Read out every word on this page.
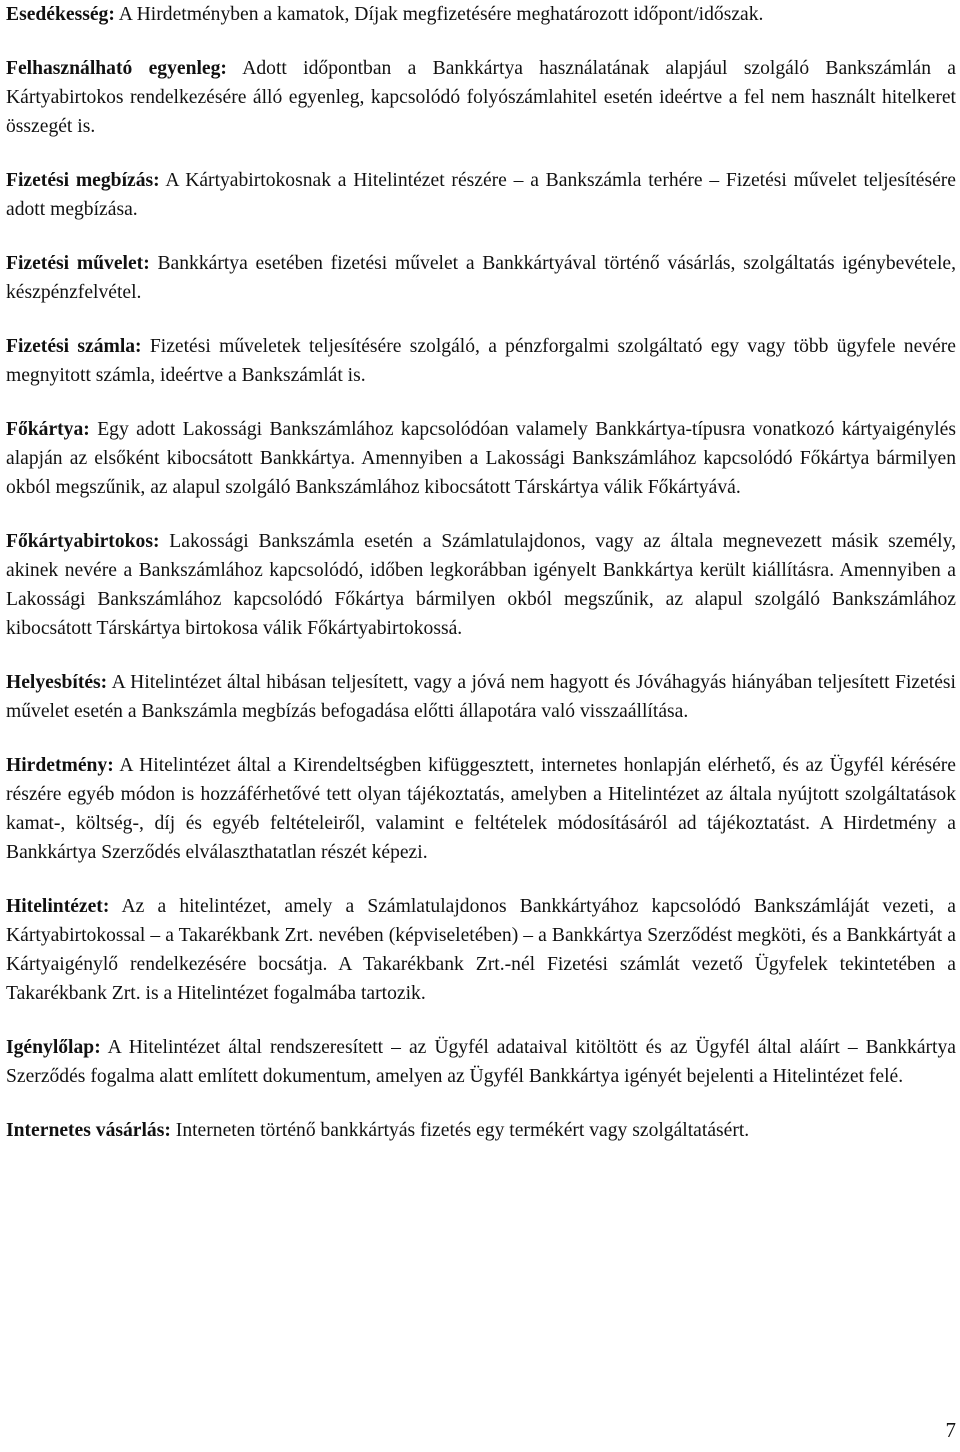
Esedékesség: A Hirdetményben a kamatok, Díjak megfizetésére meghatározott időpont/időszak.

Felhasználható egyenleg: Adott időpontban a Bankkártya használatának alapjául szolgáló Bankszámlán a Kártyabirtokos rendelkezésére álló egyenleg, kapcsolódó folyószámlahitel esetén ideértve a fel nem használt hitelkeret összegét is.

Fizetési megbízás: A Kártyabirtokosnak a Hitelintézet részére – a Bankszámla terhére – Fizetési művelet teljesítésére adott megbízása.

Fizetési művelet: Bankkártya esetében fizetési művelet a Bankkártyával történő vásárlás, szolgáltatás igénybevétele, készpénzfelvétel.

Fizetési számla: Fizetési műveletek teljesítésére szolgáló, a pénzforgalmi szolgáltató egy vagy több ügyfele nevére megnyitott számla, ideértve a Bankszámlát is.

Főkártya: Egy adott Lakossági Bankszámlához kapcsolódóan valamely Bankkártya-típusra vonatkozó kártyaigénylés alapján az elsőként kibocsátott Bankkártya. Amennyiben a Lakossági Bankszámlához kapcsolódó Főkártya bármilyen okból megszűnik, az alapul szolgáló Bankszámlához kibocsátott Társkártya válik Főkártyává.

Főkártyabirtokos: Lakossági Bankszámla esetén a Számlatulajdonos, vagy az általa megnevezett másik személy, akinek nevére a Bankszámlához kapcsolódó, időben legkorábban igényelt Bankkártya került kiállításra. Amennyiben a Lakossági Bankszámlához kapcsolódó Főkártya bármilyen okból megszűnik, az alapul szolgáló Bankszámlához kibocsátott Társkártya birtokosa válik Főkártyabirtokossá.

Helyesbítés: A Hitelintézet által hibásan teljesített, vagy a jóvá nem hagyott és Jóváhagyás hiányában teljesített Fizetési művelet esetén a Bankszámla megbízás befogadása előtti állapotára való visszaállítása.

Hirdetmény: A Hitelintézet által a Kirendeltségben kifüggesztett, internetes honlapján elérhető, és az Ügyfél kérésére részére egyéb módon is hozzáférhetővé tett olyan tájékoztatás, amelyben a Hitelintézet az általa nyújtott szolgáltatások kamat-, költség-, díj és egyéb feltételeiről, valamint e feltételek módosításáról ad tájékoztatást. A Hirdetmény a Bankkártya Szerződés elválaszthatatlan részét képezi.

Hitelintézet: Az a hitelintézet, amely a Számlatulajdonos Bankkártyához kapcsolódó Bankszámláját vezeti, a Kártyabirtokossal – a Takarékbank Zrt. nevében (képviseletében) – a Bankkártya Szerződést megköti, és a Bankkártyát a Kártyaigénylő rendelkezésére bocsátja. A Takarékbank Zrt.-nél Fizetési számlát vezető Ügyfelek tekintetében a Takarékbank Zrt. is a Hitelintézet fogalmába tartozik.

Igénylőlap: A Hitelintézet által rendszeresített – az Ügyfél adataival kitöltött és az Ügyfél által aláírt – Bankkártya Szerződés fogalma alatt említett dokumentum, amelyen az Ügyfél Bankkártya igényét bejelenti a Hitelintézet felé.

Internetes vásárlás: Interneten történő bankkártyás fizetés egy termékért vagy szolgáltatásért.

7
